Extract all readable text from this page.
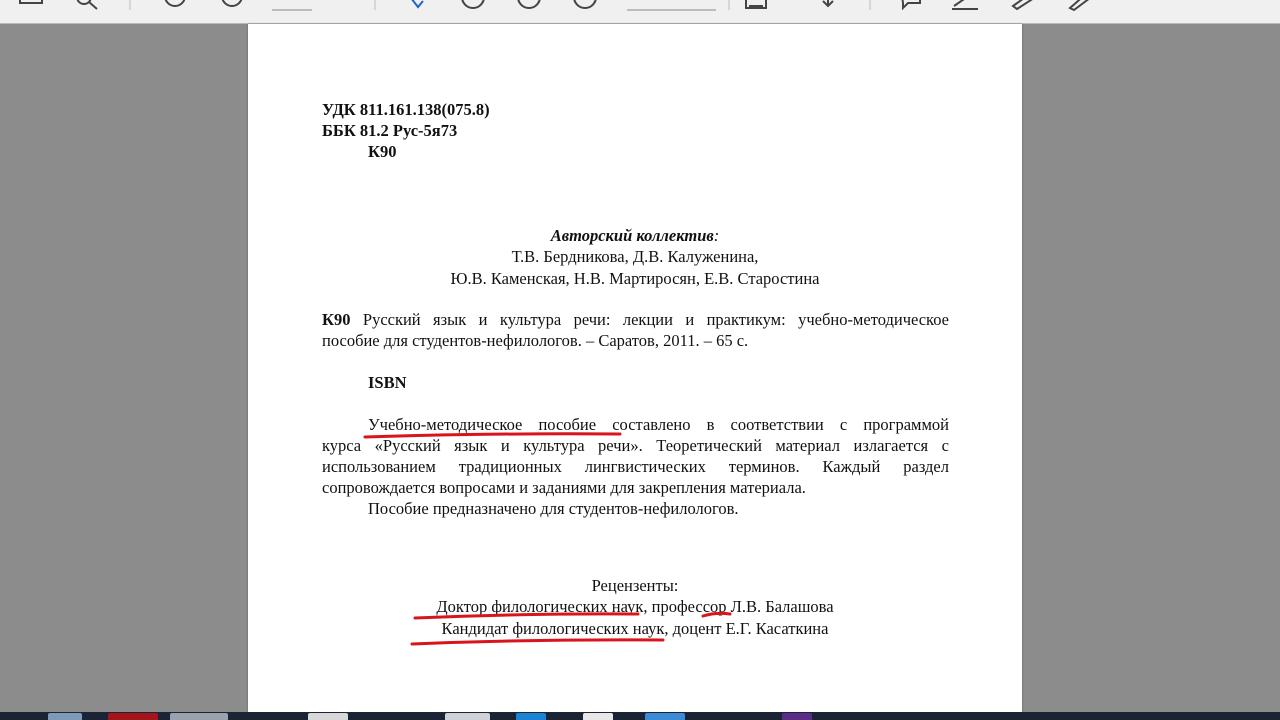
УДК 811.161.138(075.8)
ББК 81.2 Рус-5я73
К90
Авторский коллектив:
Т.В. Бердникова, Д.В. Калуженина,
Ю.В. Каменская, Н.В. Мартиросян, Е.В. Старостина
К90 Русский язык и культура речи: лекции и практикум: учебно-методическое
пособие для студентов-нефилологов. – Саратов, 2011. – 65 с.
ISBN
Учебно-методическое пособие составлено в соответствии с программой
курса «Русский язык и культура речи». Теоретический материал излагается с
использованием традиционных лингвистических терминов. Каждый раздел
сопровождается вопросами и заданиями для закрепления материала.
Пособие предназначено для студентов-нефилологов.
Рецензенты:
Доктор филологических наук, профессор Л.В. Балашова
Кандидат филологических наук, доцент Е.Г. Касаткина
